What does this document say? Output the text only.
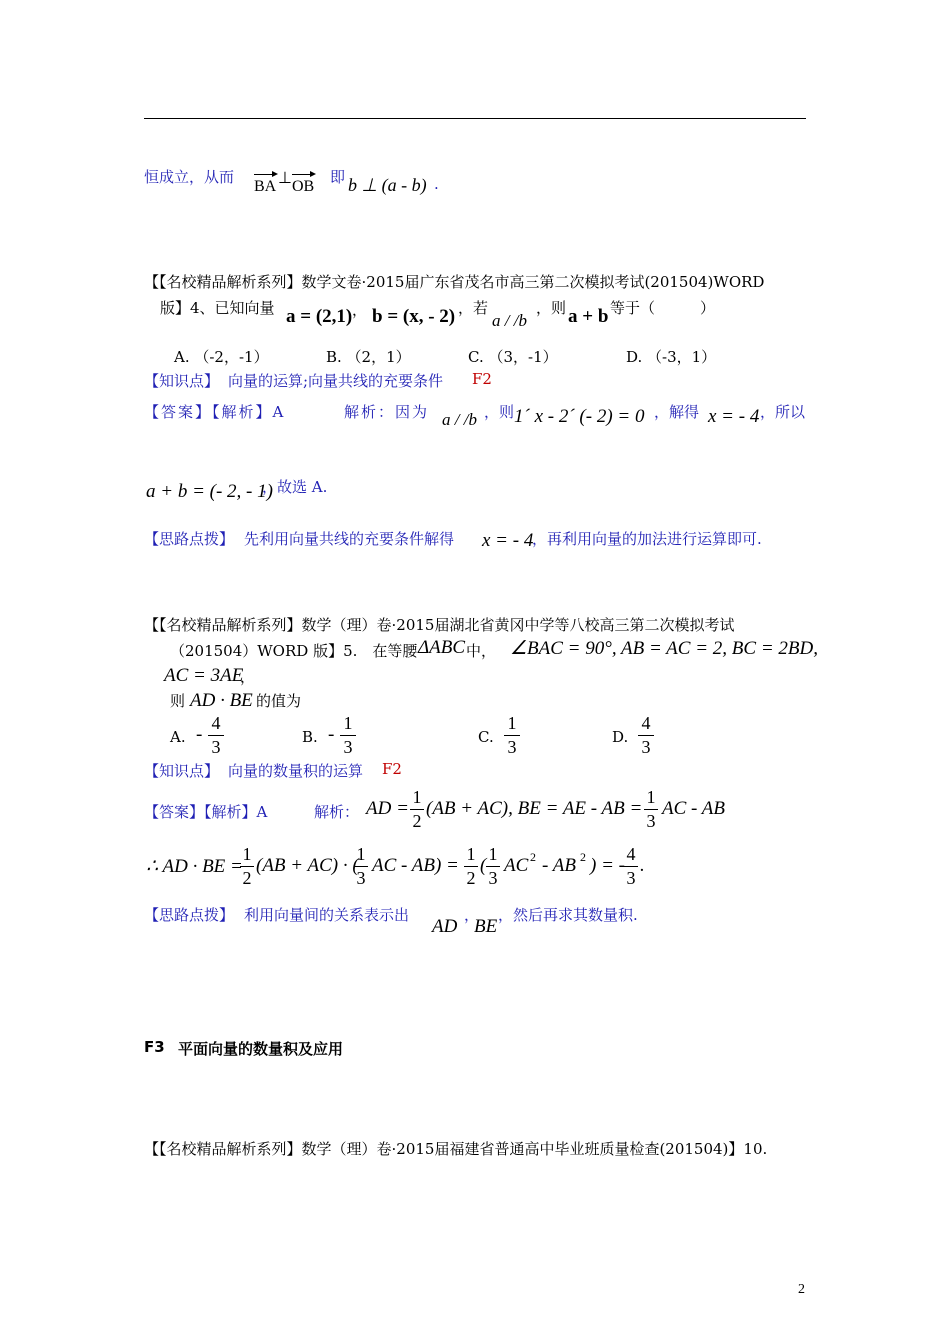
恒成立，从而
BA ⊥ OB
即 b ⊥ (a - b) .
【【名校精品解析系列】数学文卷·2015届广东省茂名市高三第二次模拟考试(201504)WORD
版】4、已知向量 a = (2,1) ， b = (x, - 2) ，若
a / /b
，则 a + b 等于（　　　）
A. （-2，-1）	B. （2，1）	C. （3，-1）	D. （-3，1）
【知识点】 向量的运算;向量共线的充要条件 F2
【答案】【解析】A	解析：因为 a / /b ，则 1´ x - 2´ (- 2) = 0 ，解得 x = - 4 ，所以
a + b = (- 2, - 1)
，故选 A.
【思路点拨】 先利用向量共线的充要条件解得 x = - 4
，再利用向量的加法进行运算即可.
【【名校精品解析系列】数学（理）卷·2015届湖北省黄冈中学等八校高三第二次模拟考试
（201504）WORD 版】5.　在等腰 ΔABC 中， ∠BAC = 90°, AB = AC = 2, BC = 2BD,
AC = 3AE
，
则 AD · BE 的值为
A. -
4
3	B. -
1
3	C.
1
3	D.
4
3
【知识点】 向量的数量积的运算 F2
【答案】【解析】A	解析： AD =
1
2
(AB + AC), BE = AE - AB =
1
3
AC - AB
∴ AD · BE =
1
2
(AB + AC) · (
1
3
AC - AB) =
1
2
(
1
3
AC 2 - AB 2 ) = -
4
3
.
【思路点拨】 利用向量间的关系表示出
AD
，
BE
，然后再求其数量积.
F3 平面向量的数量积及应用
【【名校精品解析系列】数学（理）卷·2015届福建省普通高中毕业班质量检查(201504)】10.
2
